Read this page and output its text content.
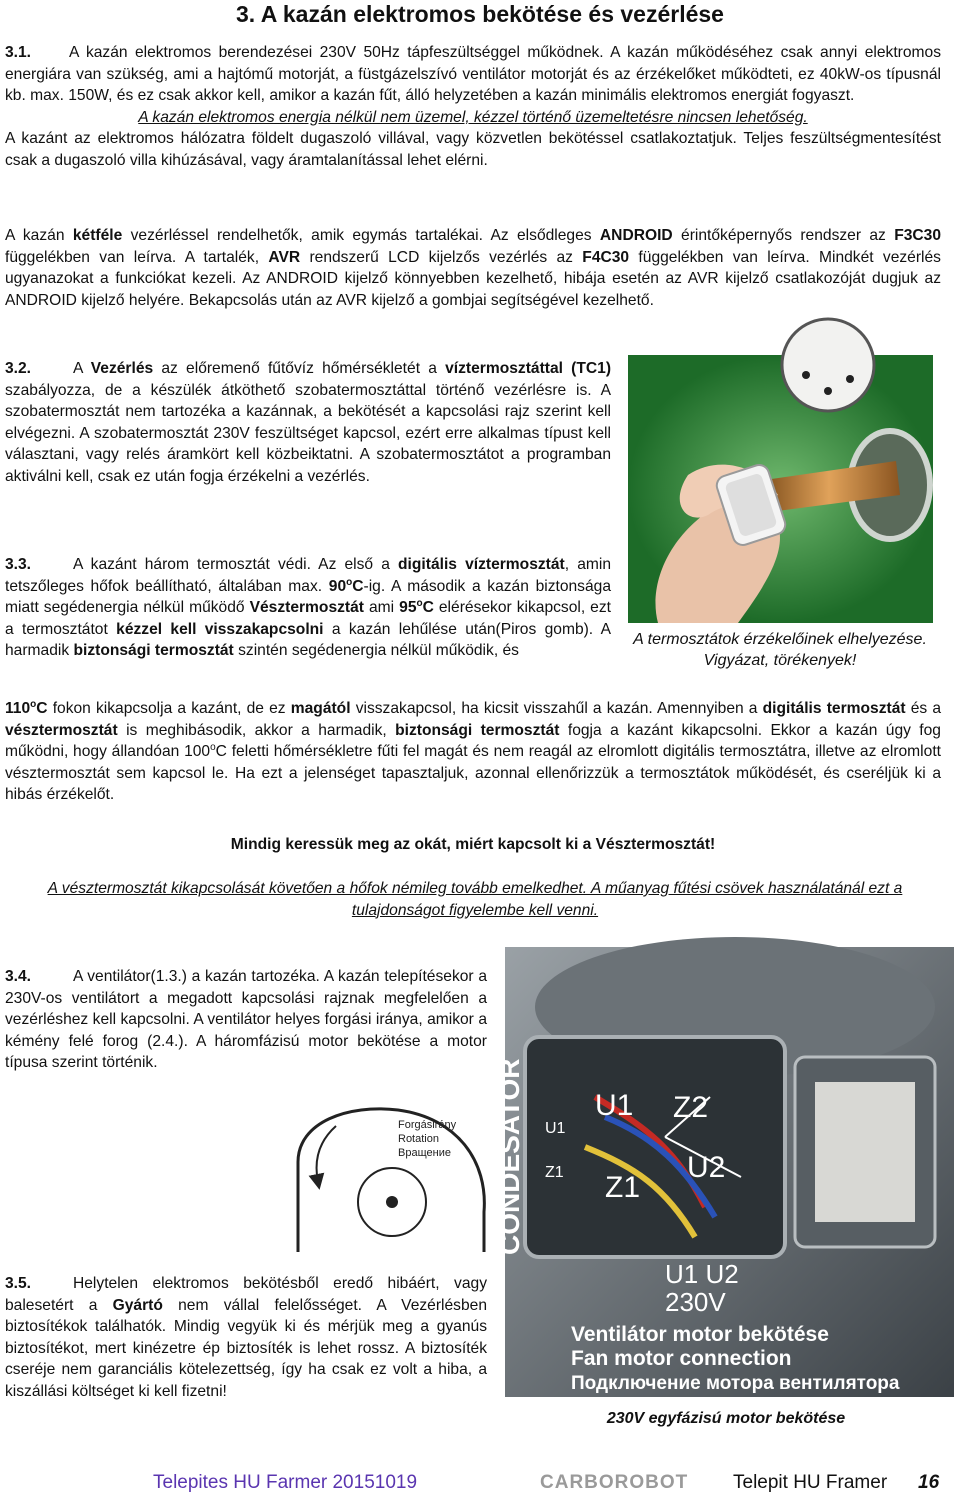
3. A kazán elektromos bekötése és vezérlése

3.1. A kazán elektromos berendezései 230V 50Hz tápfeszültséggel működnek. A kazán működéséhez csak annyi elektromos energiára van szükség, ami a hajtómű motorját, a füstgázelszívó ventilátor motorját és az érzékelőket működteti, ez 40kW-os típusnál kb. max. 150W, és ez csak akkor kell, amikor a kazán fűt, álló helyzetében a kazán minimális elektromos energiát fogyaszt.

A kazán elektromos energia nélkül nem üzemel, kézzel történő üzemeltetésre nincsen lehetőség.

A kazánt az elektromos hálózatra földelt dugaszoló villával, vagy közvetlen bekötéssel csatlakoztatjuk. Teljes feszültségmentesítést csak a dugaszoló villa kihúzásával, vagy áramtalanítással lehet elérni.

A kazán kétféle vezérléssel rendelhetők, amik egymás tartalékai. Az elsődleges ANDROID érintőképernyős rendszer az F3C30 függelékben van leírva. A tartalék, AVR rendszerű LCD kijelzős vezérlés az F4C30 függelékben van leírva. Mindkét vezérlés ugyanazokat a funkciókat kezeli. Az ANDROID kijelző könnyebben kezelhető, hibája esetén az AVR kijelző csatlakozóját dugjuk az ANDROID kijelző helyére. Bekapcsolás után az AVR kijelző a gombjai segítségével kezelhető.
3.2.	A Vezérlés az előremenő fűtővíz hőmérsékletét a víztermosztáttal (TC1) szabályozza, de a készülék átköthető szobatermosztáttal történő vezérlésre is. A szobatermosztát nem tartozéka a kazánnak, a bekötését a kapcsolási rajz szerint kell elvégezni. A szobatermosztát 230V feszültséget kapcsol, ezért erre alkalmas típust kell választani, vagy relés áramkört kell közbeiktatni. A szobatermosztátot a programban aktiválni kell, csak ez után fogja érzékelni a vezérlés.
A termosztátok érzékelőinek elhelyezése. Vigyázat, törékenyek!
3.3.	A kazánt három termosztát védi. Az első a digitális víztermosztát, amin tetszőleges hőfok beállítható, általában max. 90$^o$C-ig. A második a kazán biztonsága miatt segédenergia nélkül működő Vésztermosztát ami 95$^o$C elérésekor kikapcsol, ezt a termosztátot kézzel kell visszakapcsolni a kazán lehűlése után(Piros gomb). A harmadik biztonsági termosztát szintén segédenergia nélkül működik, és
110$^o$C fokon kikapcsolja a kazánt, de ez magától visszakapcsol, ha kicsit visszahűl a kazán. Amennyiben a digitális termosztát és a vésztermosztát is meghibásodik, akkor a harmadik, biztonsági termosztát fogja a kazánt kikapcsolni. Ekkor a kazán úgy fog működni, hogy állandóan 100$^o$C feletti hőmérsékletre fűti fel magát és nem reagál az elromlott digitális termosztátra, illetve az elromlott vésztermosztát sem kapcsol le. Ha ezt a jelenséget tapasztaljuk, azonnal ellenőrizzük a termosztátok működését, és cseréljük ki a hibás érzékelőt.
Mindig keressük meg az okát, miért kapcsolt ki a Vésztermosztát!
A vésztermosztát kikapcsolását követően a hőfok némileg tovább emelkedhet. A műanyag fűtési csövek használatánál ezt a tulajdonságot figyelembe kell venni.
3.4.	A ventilátor(1.3.) a kazán tartozéka. A kazán telepítésekor a 230V-os ventilátort a megadott kapcsolási rajznak megfelelően a vezérléshez kell kapcsolni. A ventilátor helyes forgási iránya, amikor a kémény felé forog (2.4.). A háromfázisú motor bekötése a motor típusa szerint történik.
Forgásirány
Rotation
Вращение CONDESATOR U1 Z2
U2
Z1
U1
Z1
U1 U2
230V
Ventilátor motor bekötése
Fan motor connection
Подключение мотора вентилятора
230V egyfázisú motor bekötése
3.5.	Helytelen elektromos bekötésből eredő hibáért, vagy balesetért a Gyártó nem vállal felelősséget. A Vezérlésben biztosítékok találhatók. Mindig vegyük ki és mérjük meg a gyanús biztosítékot, mert kinézetre ép biztosíték is lehet rossz. A biztosíték cseréje nem garanciális kötelezettség, így ha csak ez volt a hiba, a kiszállási költséget ki kell fizetni!
Telepites HU Farmer 20151019	CARBOROBOT Telepit HU Framer 16
